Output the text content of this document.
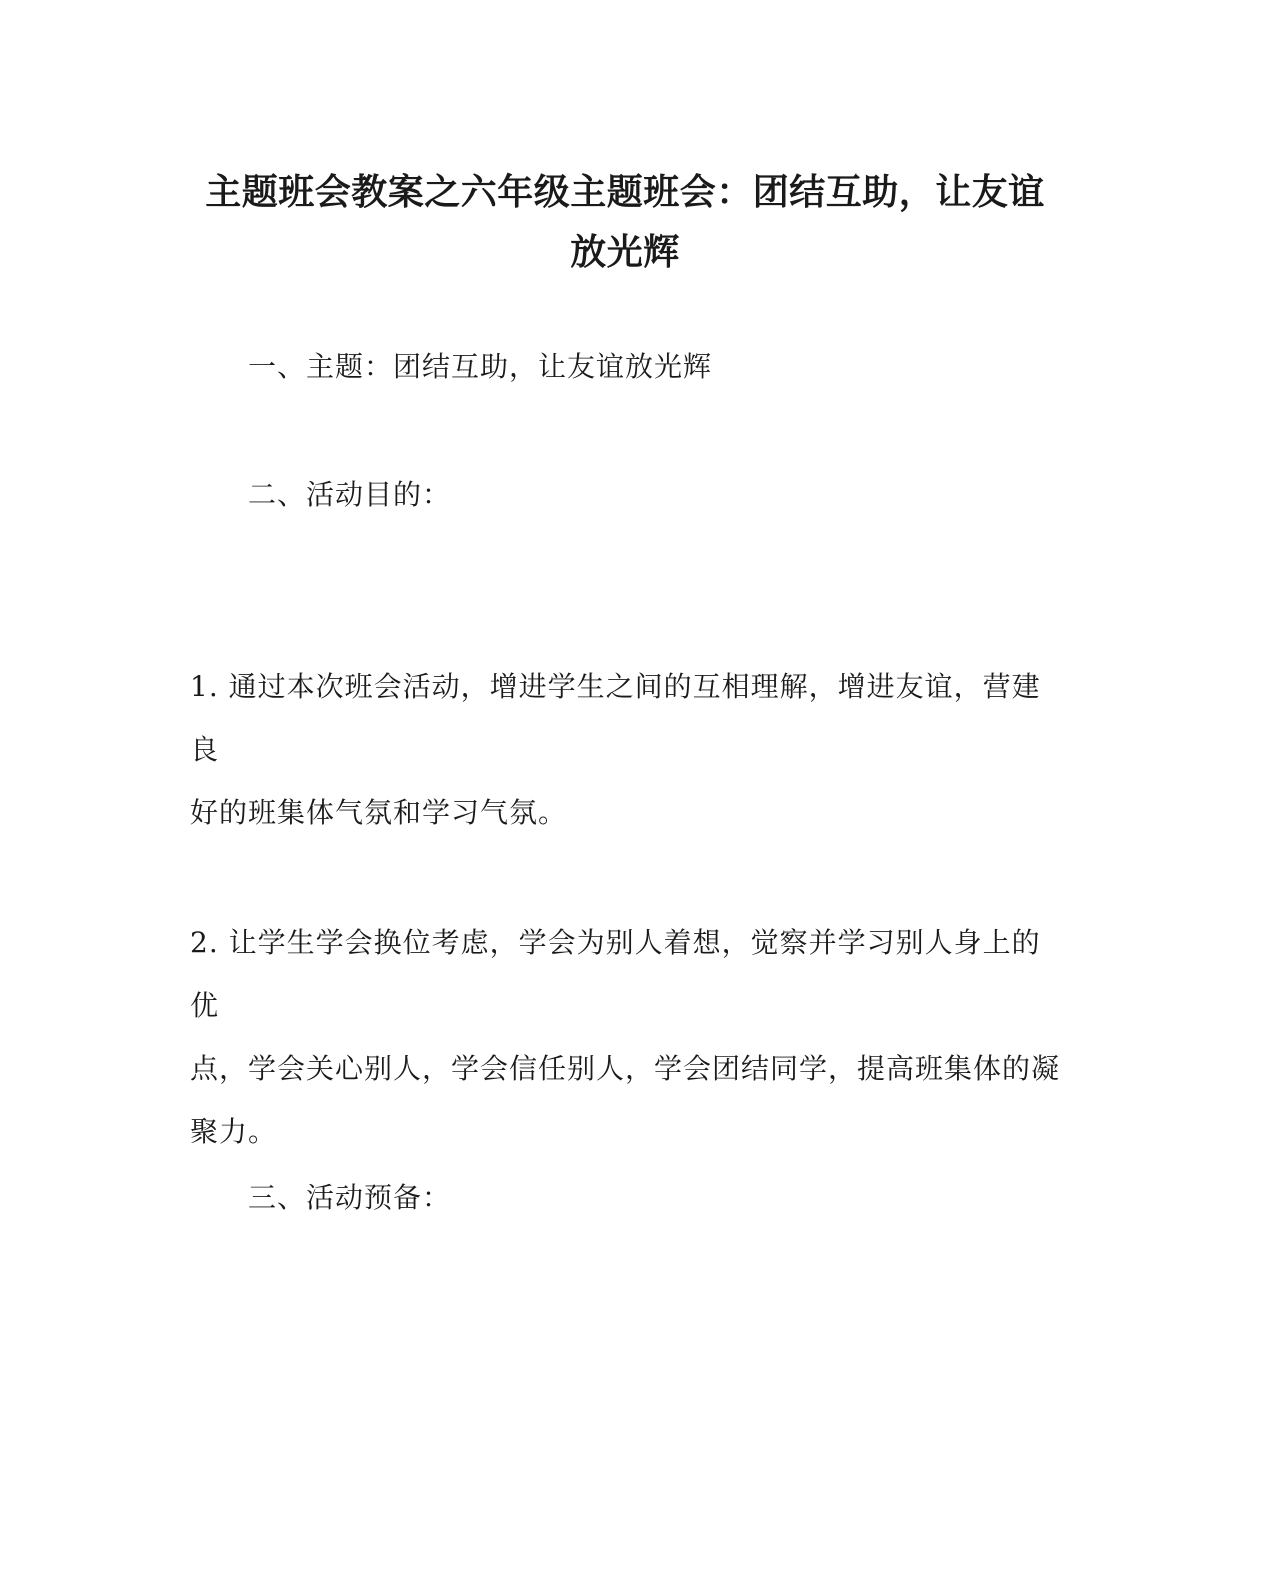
主题班会教案之六年级主题班会：团结互助，让友谊
放光辉
一、主题：团结互助，让友谊放光辉
二、活动目的：
1. 通过本次班会活动，增进学生之间的互相理解，增进友谊，营建良
好的班集体气氛和学习气氛。
2. 让学生学会换位考虑，学会为别人着想，觉察并学习别人身上的优
点，学会关心别人，学会信任别人，学会团结同学，提高班集体的凝
聚力。
三、活动预备：
